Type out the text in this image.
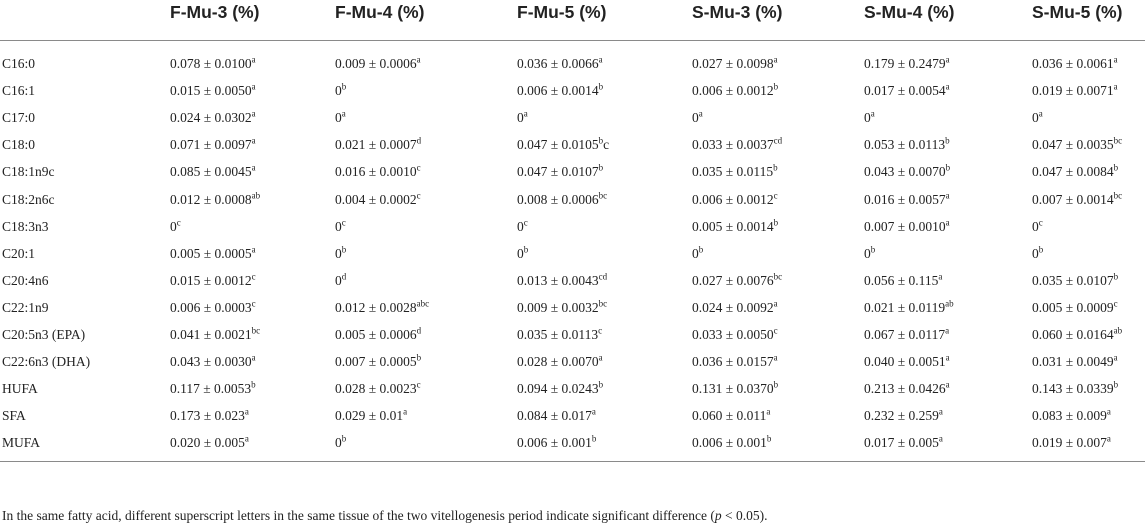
	F-Mu-3 (%)	F-Mu-4 (%)	F-Mu-5 (%)	S-Mu-3 (%)	S-Mu-4 (%)	S-Mu-5 (%)

C16:0	0.078 ± 0.0100$^a$	0.009 ± 0.0006$^a$	0.036 ± 0.0066$^a$	0.027 ± 0.0098$^a$	0.179 ± 0.2479$^a$	0.036 ± 0.0061$^a$
C16:1	0.015 ± 0.0050$^a$	0$^b$	0.006 ± 0.0014$^b$	0.006 ± 0.0012$^b$	0.017 ± 0.0054$^a$	0.019 ± 0.0071$^a$
C17:0	0.024 ± 0.0302$^a$	0$^a$	0$^a$	0$^a$	0$^a$	0$^a$
C18:0	0.071 ± 0.0097$^a$	0.021 ± 0.0007$^d$	0.047 ± 0.0105$^b$c	0.033 ± 0.0037$^{cd}$	0.053 ± 0.0113$^b$	0.047 ± 0.0035$^{bc}$
C18:1n9c	0.085 ± 0.0045$^a$	0.016 ± 0.0010$^c$	0.047 ± 0.0107$^b$	0.035 ± 0.0115$^b$	0.043 ± 0.0070$^b$	0.047 ± 0.0084$^b$
C18:2n6c	0.012 ± 0.0008$^{ab}$	0.004 ± 0.0002$^c$	0.008 ± 0.0006$^{bc}$	0.006 ± 0.0012$^c$	0.016 ± 0.0057$^a$	0.007 ± 0.0014$^{bc}$
C18:3n3	0$^c$	0$^c$	0$^c$	0.005 ± 0.0014$^b$	0.007 ± 0.0010$^a$	0$^c$
C20:1	0.005 ± 0.0005$^a$	0$^b$	0$^b$	0$^b$	0$^b$	0$^b$
C20:4n6	0.015 ± 0.0012$^c$	0$^d$	0.013 ± 0.0043$^{cd}$	0.027 ± 0.0076$^{bc}$	0.056 ± 0.115$^a$	0.035 ± 0.0107$^b$
C22:1n9	0.006 ± 0.0003$^c$	0.012 ± 0.0028$^{abc}$	0.009 ± 0.0032$^{bc}$	0.024 ± 0.0092$^a$	0.021 ± 0.0119$^{ab}$	0.005 ± 0.0009$^c$
C20:5n3 (EPA)	0.041 ± 0.0021$^{bc}$	0.005 ± 0.0006$^d$	0.035 ± 0.0113$^c$	0.033 ± 0.0050$^c$	0.067 ± 0.0117$^a$	0.060 ± 0.0164$^{ab}$
C22:6n3 (DHA)	0.043 ± 0.0030$^a$	0.007 ± 0.0005$^b$	0.028 ± 0.0070$^a$	0.036 ± 0.0157$^a$	0.040 ± 0.0051$^a$	0.031 ± 0.0049$^a$
HUFA	0.117 ± 0.0053$^b$	0.028 ± 0.0023$^c$	0.094 ± 0.0243$^b$	0.131 ± 0.0370$^b$	0.213 ± 0.0426$^a$	0.143 ± 0.0339$^b$
SFA	0.173 ± 0.023$^a$	0.029 ± 0.01$^a$	0.084 ± 0.017$^a$	0.060 ± 0.011$^a$	0.232 ± 0.259$^a$	0.083 ± 0.009$^a$
MUFA	0.020 ± 0.005$^a$	0$^b$	0.006 ± 0.001$^b$	0.006 ± 0.001$^b$	0.017 ± 0.005$^a$	0.019 ± 0.007$^a$

In the same fatty acid, different superscript letters in the same tissue of the two vitellogenesis period indicate significant difference (p < 0.05).
